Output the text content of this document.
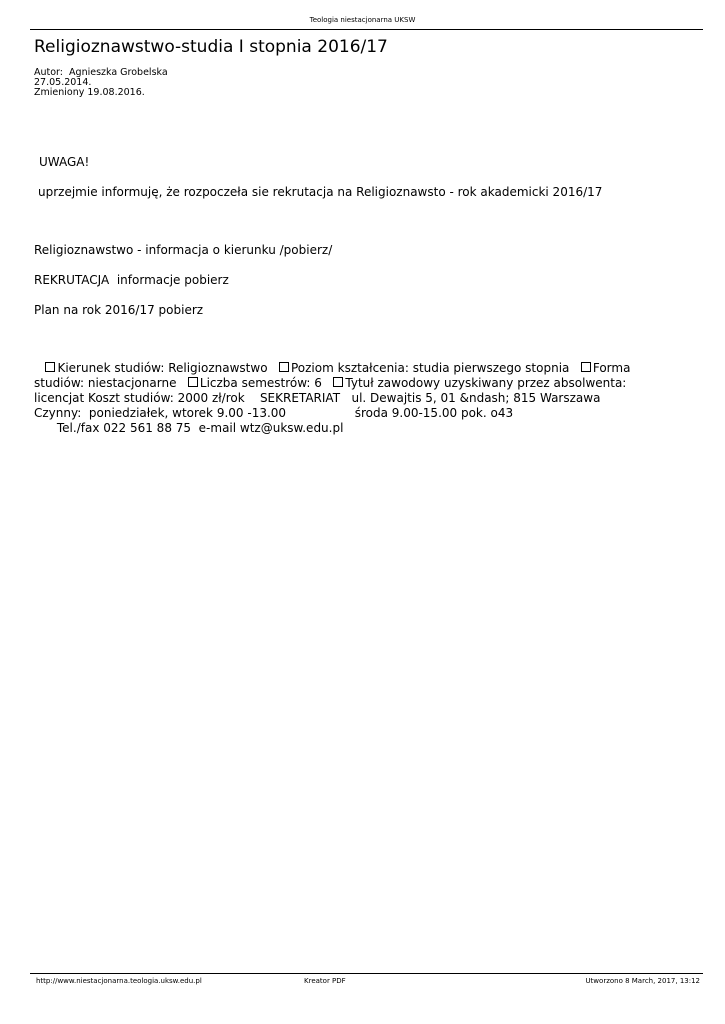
Teologia niestacjonarna UKSW
Religioznawstwo-studia I stopnia 2016/17
Autor:  Agnieszka Grobelska
27.05.2014.
Zmieniony 19.08.2016.
UWAGA!
uprzejmie informuję, że rozpoczeła sie rekrutacja na Religioznawsto - rok akademicki 2016/17
Religioznawstwo - informacja o kierunku /pobierz/
REKRUTACJA  informacje pobierz
Plan na rok 2016/17 pobierz
Kierunek studiów: Religioznawstwo   Poziom kształcenia: studia pierwszego stopnia   Forma
studiów: niestacjonarne   Liczba semestrów: 6   Tytuł zawodowy uzyskiwany przez absolwenta:
licencjat Koszt studiów: 2000 zł/rok    SEKRETARIAT   ul. Dewajtis 5, 01 &ndash; 815 Warszawa
Czynny:  poniedziałek, wtorek 9.00 -13.00                  środa 9.00-15.00 pok. o43
Tel./fax 022 561 88 75  e-mail wtz@uksw.edu.pl
http://www.niestacjonarna.teologia.uksw.edu.pl	Kreator PDF	Utworzono 8 March, 2017, 13:12
